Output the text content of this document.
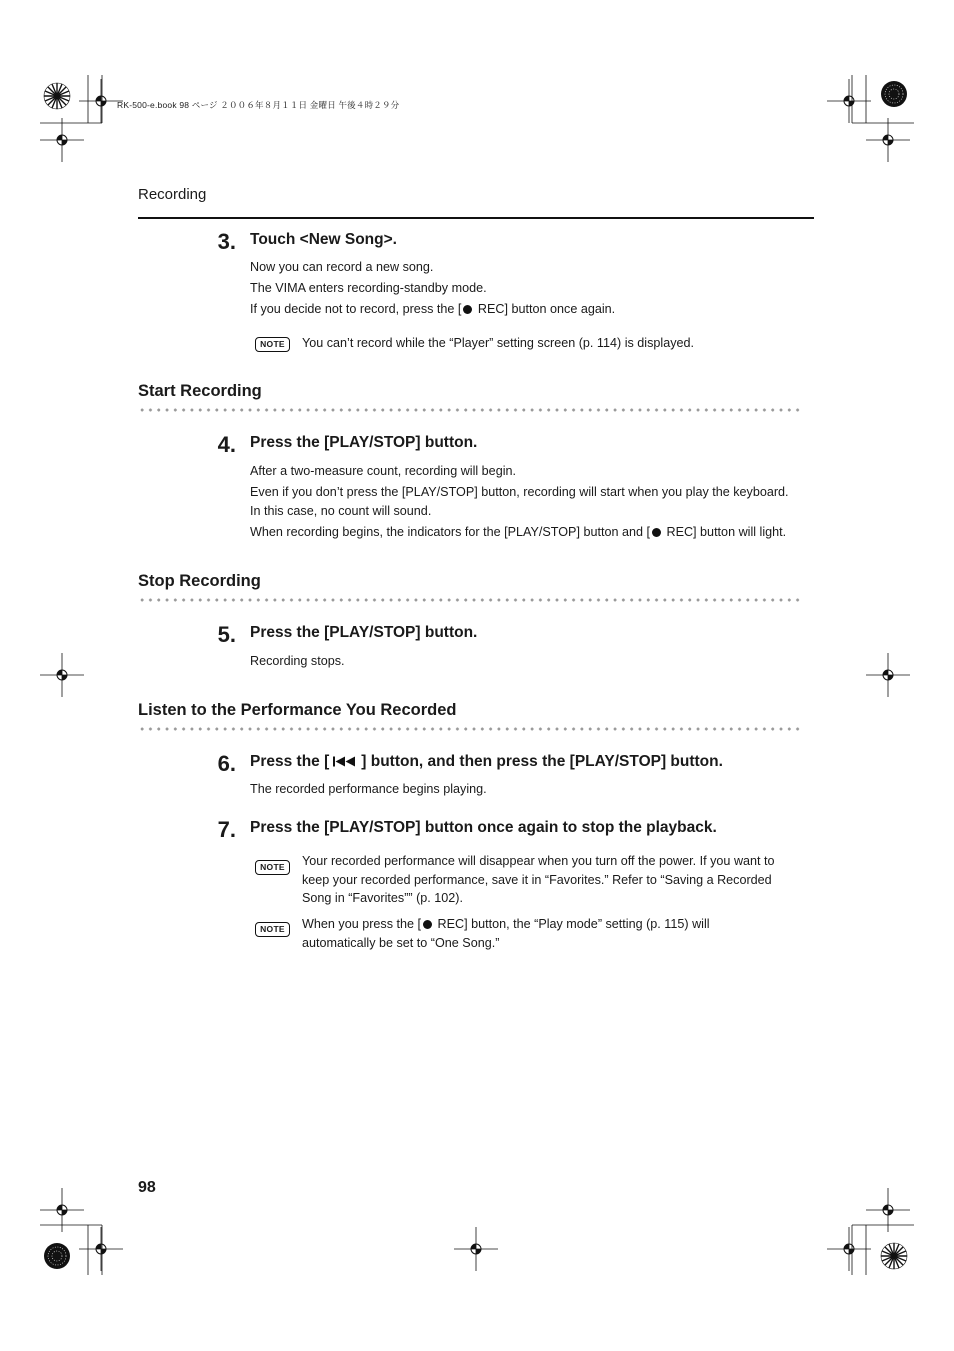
RK-500-e.book 98 ページ ２００６年８月１１日 金曜日 午後４時２９分
Recording
3. Touch <New Song>.
Now you can record a new song.
The VIMA enters recording-standby mode.
If you decide not to record, press the [ REC] button once again.
NOTE	You can’t record while the “Player” setting screen (p. 114) is displayed.
Start Recording
4. Press the [PLAY/STOP] button.
After a two-measure count, recording will begin.
Even if you don’t press the [PLAY/STOP] button, recording will start when you play the keyboard.
In this case, no count will sound.
When recording begins, the indicators for the [PLAY/STOP] button and [ REC] button will light.
Stop Recording
5. Press the [PLAY/STOP] button.
Recording stops.
Listen to the Performance You Recorded
6. Press the [ ] button, and then press the [PLAY/STOP] button.
The recorded performance begins playing.
7. Press the [PLAY/STOP] button once again to stop the playback.
NOTE	Your recorded performance will disappear when you turn off the power. If you want to
keep your recorded performance, save it in “Favorites.” Refer to “Saving a Recorded
Song in “Favorites”” (p. 102).
NOTE	When you press the [ REC] button, the “Play mode” setting (p. 115) will
automatically be set to “One Song.”
98
